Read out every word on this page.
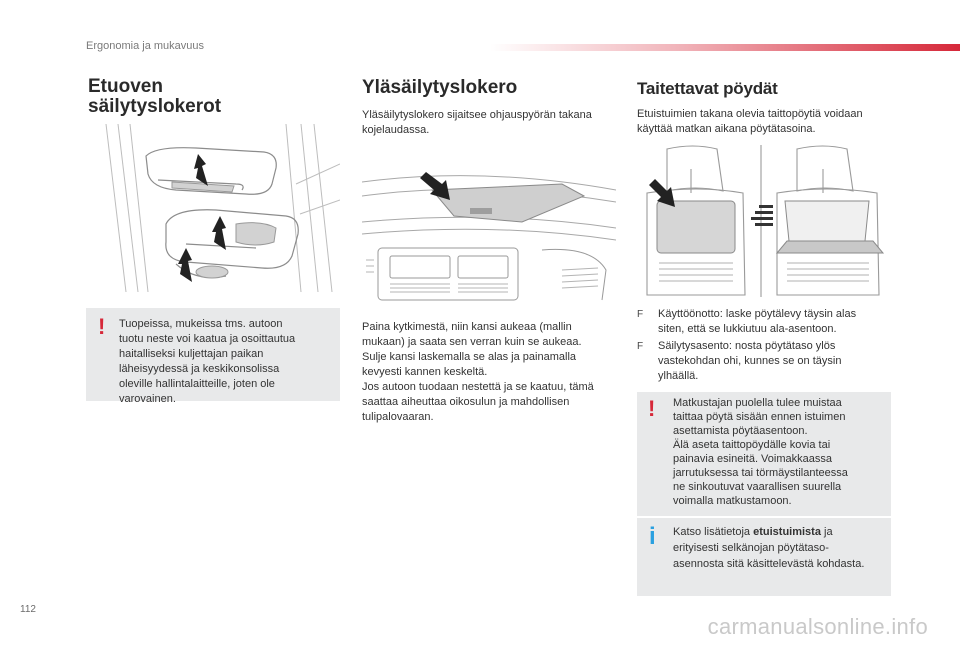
Ergonomia ja mukavuus
Etuoven
säilytyslokerot
! Tuopeissa, mukeissa tms. autoon
tuotu neste voi kaatua ja osoittautua
haitalliseksi kuljettajan paikan
läheisyydessä ja keskikonsolissa
oleville hallintalaitteille, joten ole
varovainen.
Yläsäilytyslokero
Yläsäilytyslokero sijaitsee ohjauspyörän takana
kojelaudassa.
Paina kytkimestä, niin kansi aukeaa (mallin
mukaan) ja saata sen verran kuin se aukeaa.
Sulje kansi laskemalla se alas ja painamalla
kevyesti kannen keskeltä.
Jos autoon tuodaan nestettä ja se kaatuu, tämä
saattaa aiheuttaa oikosulun ja mahdollisen
tulipalovaaran.
Taitettavat pöydät
Etuistuimien takana olevia taittopöytiä voidaan
käyttää matkan aikana pöytätasoina.
F Käyttöönotto: laske pöytälevy täysin alas
siten, että se lukkiutuu ala-asentoon.
F Säilytysasento: nosta pöytätaso ylös
vastekohdan ohi, kunnes se on täysin
ylhäällä.
! Matkustajan puolella tulee muistaa
taittaa pöytä sisään ennen istuimen
asettamista pöytäasentoon.
Älä aseta taittopöydälle kovia tai
painavia esineitä. Voimakkaassa
jarrutuksessa tai törmäystilanteessa
ne sinkoutuvat vaarallisen suurella
voimalla matkustamoon.
i Katso lisätietoja etuistuimista ja
erityisesti selkänojan pöytätaso-
asennosta sitä käsittelevästä kohdasta.
112
carmanualsonline.info
